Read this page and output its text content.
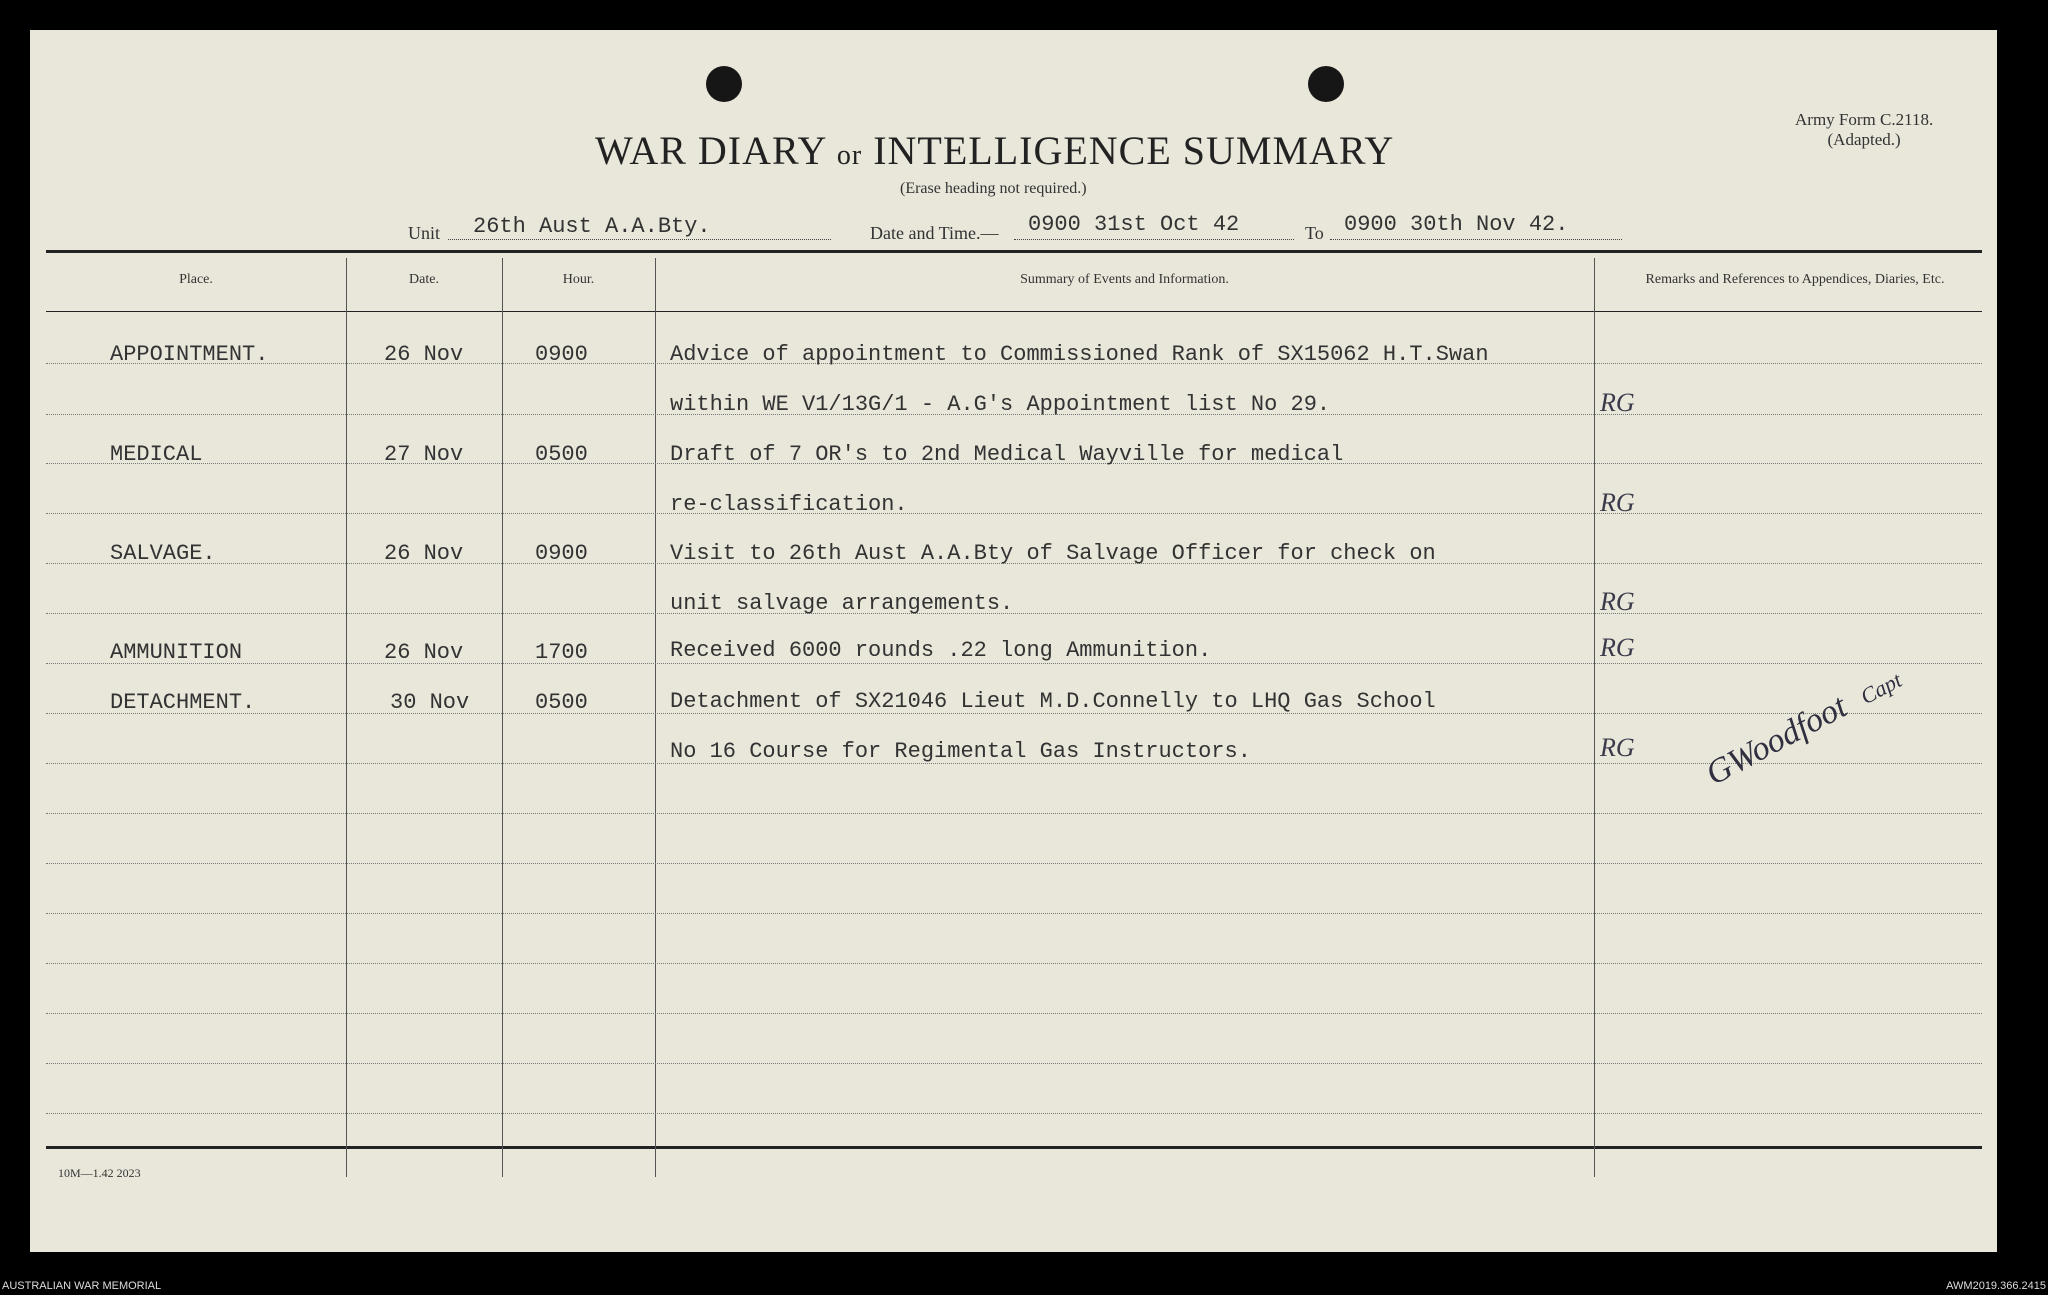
WAR DIARY or INTELLIGENCE SUMMARY
(Erase heading not required.)
Army Form C.2118.
(Adapted.)
Unit 26th Aust A.A.Bty.	Date and Time.— 0900 31st Oct 42	To 0900 30th Nov 42.
Place.	Date.	Hour.	Summary of Events and Information.	Remarks and References to Appendices, Diaries, Etc.
APPOINTMENT.	26 Nov	0900	Advice of appointment to Commissioned Rank of SX15062 H.T.Swan
within WE V1/13G/1 - A.G's Appointment list No 29.	RG
MEDICAL	27 Nov	0500	Draft of 7 OR's to 2nd Medical Wayville for medical
re-classification.	RG
SALVAGE.	26 Nov	0900	Visit to 26th Aust A.A.Bty of Salvage Officer for check on
unit salvage arrangements.	RG
AMMUNITION	26 Nov	1700	Received 6000 rounds .22 long Ammunition.	RG
DETACHMENT.	30 Nov	0500	Detachment of SX21046 Lieut M.D.Connelly to LHQ Gas School
No 16 Course for Regimental Gas Instructors.	RG GWoodfoot Capt
10M—1.42 2023
AUSTRALIAN WAR MEMORIAL	AWM2019.366.2415
